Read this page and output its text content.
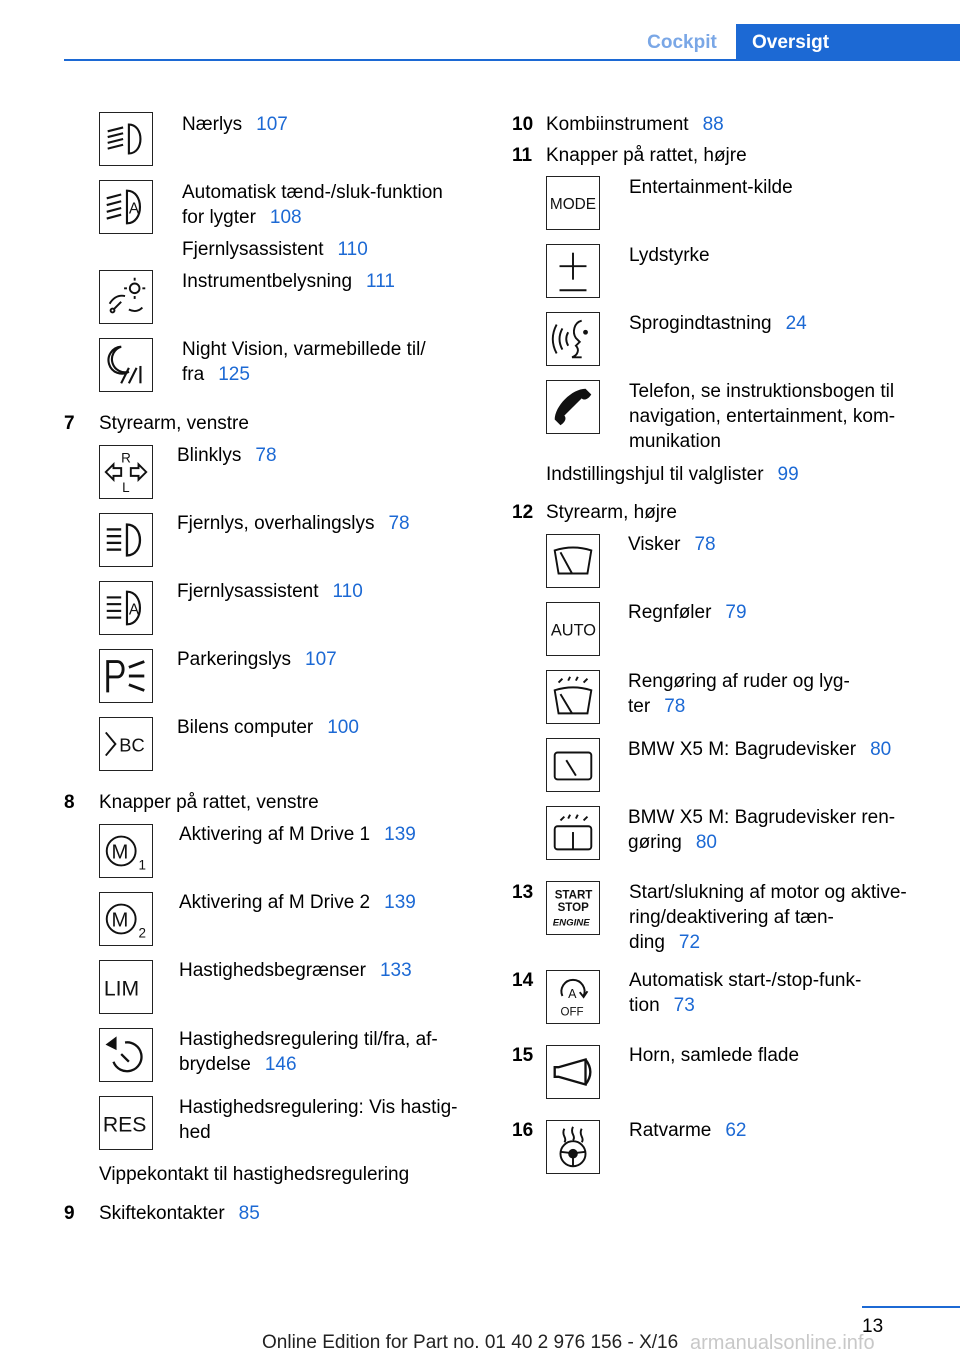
Cockpit	Oversigt
Nærlys 107
A
Automatisk tænd-/sluk-funktion
for lygter 108
Fjernlysassistent 110
Instrumentbelysning 111
Night Vision, varmebillede til/
fra 125
7 Styrearm, venstre
R
L
Blinklys 78
Fjernlys, overhalingslys 78
A
Fjernlysassistent 110
Parkeringslys 107
BC
Bilens computer 100
8 Knapper på rattet, venstre
M
1
Aktivering af M Drive 1 139
M
2
Aktivering af M Drive 2 139
LIM
Hastighedsbegrænser 133
Hastighedsregulering til/fra, af-
brydelse 146
RES
Hastighedsregulering: Vis hastig-
hed
Vippekontakt til hastighedsregulering
9 Skiftekontakter 85
10 Kombiinstrument 88
11 Knapper på rattet, højre
MODE
Entertainment-kilde
Lydstyrke
Sprogindtastning 24
Telefon, se instruktionsbogen til
navigation, entertainment, kom-
munikation
Indstillingshjul til valglister 99
12 Styrearm, højre
Visker 78
AUTO
Regnføler 79
Rengøring af ruder og lyg-
ter 78
BMW X5 M: Bagrudevisker 80
BMW X5 M: Bagrudevisker ren-
gøring 80
13 START
STOP
ENGINE
Start/slukning af motor og aktive-
ring/deaktivering af tæn-
ding 72
14
A
OFF
Automatisk start-/stop-funk-
tion 73
15	Horn, samlede flade
16	Ratvarme 62
13
Online Edition for Part no. 01 40 2 976 156 - X/16 armanualsonline.info
